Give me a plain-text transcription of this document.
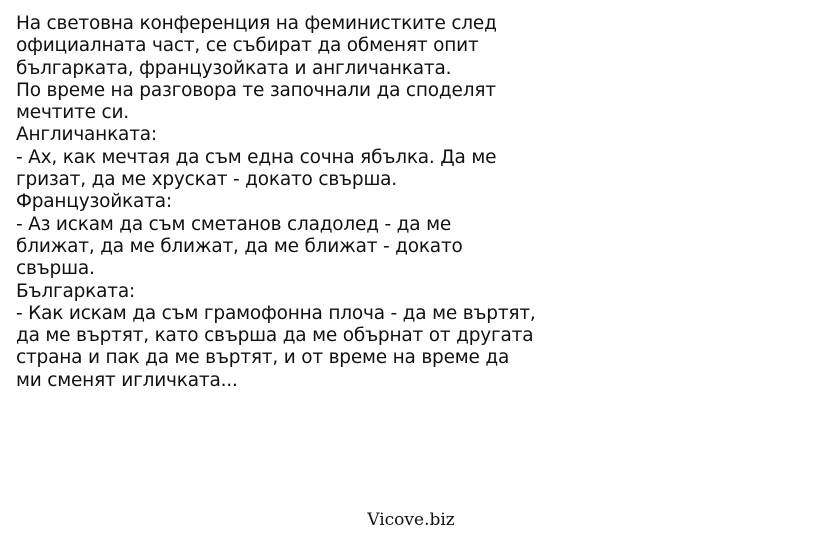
На световна конференция на феминистките след
официалната част, се събират да обменят опит
българката, французойката и англичанката.
По време на разговора те започнали да споделят
мечтите си.
Англичанката:
- Ах, как мечтая да съм една сочна ябълка. Да ме
гризат, да ме хрускат - докато свърша.
Французойката:
- Аз искам да съм сметанов сладолед - да ме
ближат, да ме ближат, да ме ближат - докато
свърша.
Българката:
- Как искам да съм грамофонна плоча - да ме въртят,
да ме въртят, като свърша да ме обърнат от другата
страна и пак да ме въртят, и от време на време да
ми сменят игличката...
Vicove.biz
